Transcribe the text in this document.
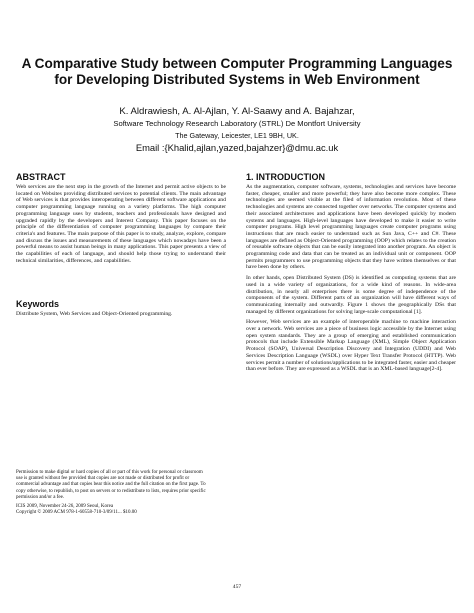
A Comparative Study between Computer Programming Languages for Developing Distributed Systems in Web Environment
K. Aldrawiesh, A. Al-Ajlan, Y. Al-Saawy and A. Bajahzar,
Software Technology Research Laboratory (STRL) De Montfort University
The Gateway, Leicester, LE1 9BH, UK.
Email :{Khalid,ajlan,yazed,bajahzer}@dmu.ac.uk
ABSTRACT

Web services are the next step in the growth of the Internet and permit active objects to be located on Websites providing distributed services to potential clients. The main advantage of Web services is that provides interoperating between different software applications and computer programming language running on a variety platforms. The high computer programming language uses by students, teachers and professionals have designed and upgraded rapidly by the developers and Interest Company. This paper focuses on the principle of the differentiation of computer programming languages by compare their criteria's and features. The main purpose of this paper is to study, analyze, explore, compare and discuss the issues and measurements of these languages which nowadays have been a powerful means to assist human beings in many applications. This paper presents a view of the capabilities of each of language, and should help those trying to understand their technical similarities, differences, and capabilities.

Keywords

Distribute System, Web Services and Object-Oriented programming.

Permission to make digital or hard copies of all or part of this work for personal or classroom use is granted without fee provided that copies are not made or distributed for profit or commercial advantage and that copies bear this notice and the full citation on the first page. To copy otherwise, to republish, to post on servers or to redistribute to lists, requires prior specific permission and/or a fee.
ICIS 2009, November 24-26, 2009 Seoul, Korea
Copyright © 2009 ACM 978-1-60558-710-3/09/11... $10.00
1. INTRODUCTION

As the augmentation, computer software, systems, technologies and services have become faster, cheaper, smaller and more powerful; they have also become more complex. These technologies are seemed visible at the filed of information revolution. Most of these technologies and systems are connected together over networks. The computer systems and their associated architectures and applications have been developed quickly by modern systems and languages. High-level languages have developed to make it easier to write computer programs. High level programming languages create computer programs using instructions that are much easier to understand such as Sun Java, C++ and C#. These languages are defined as Object-Oriented programming (OOP) which relates to the creation of reusable software objects that can be easily integrated into another program. An object is programming code and data that can be treated as an individual unit or component. OOP permits programmers to use programming objects that they have written themselves or that have been done by others.

In other hands, open Distributed System (DS) is identified as computing systems that are used in a wide variety of organizations, for a wide kind of reasons. In wide-area distribution, in nearly all enterprises there is some degree of independence of the components of the system. Different parts of an organization will have different ways of communicating internally and outwardly. Figure 1 shows the geographically DSs that managed by different organizations for solving large-scale computational [1].

However, Web services are an example of interoperable machine to machine interaction over a network. Web services are a piece of business logic accessible by the Internet using open system standards. They are a group of emerging and established communication protocols that include Extensible Markup Language (XML), Simple Object Application Protocol (SOAP), Universal Description Discovery and Integration (UDDI) and Web Services Description Language (WSDL) over Hyper Text Transfer Protocol (HTTP). Web services permit a number of solutions/applications to be integrated faster, easier and cheaper than ever before. They are expressed as a WSDL that is an XML-based language[2-4].

457
